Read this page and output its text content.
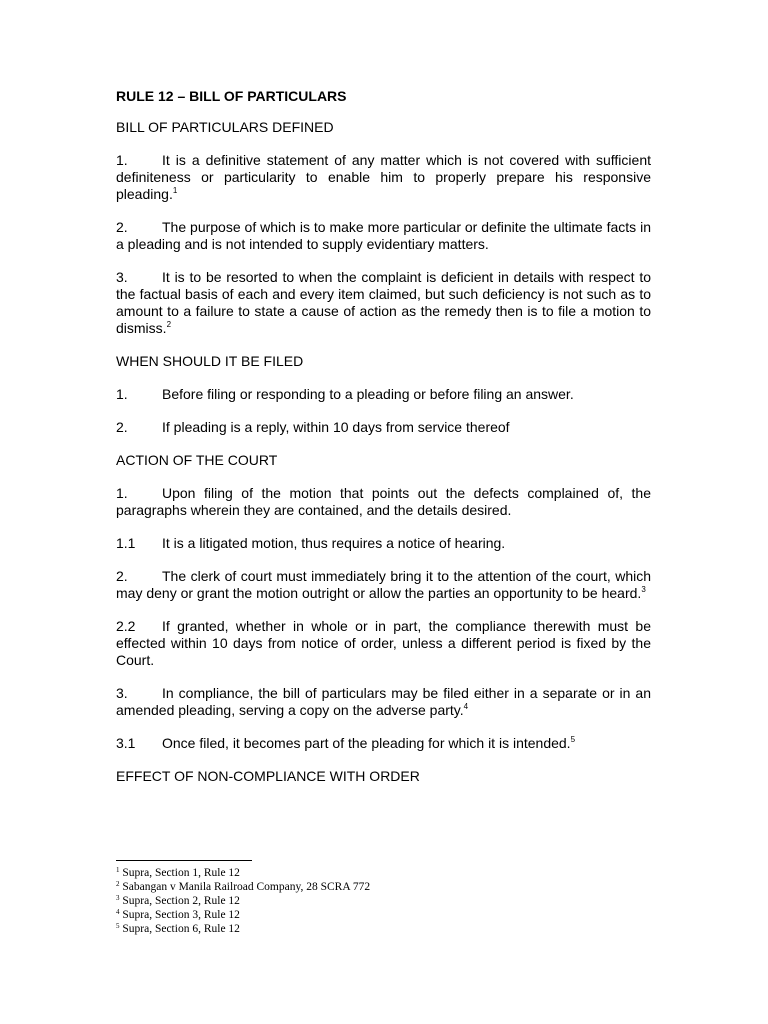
RULE 12 – BILL OF PARTICULARS
BILL OF PARTICULARS DEFINED

1. It is a definitive statement of any matter which is not covered with sufficient definiteness or particularity to enable him to properly prepare his responsive pleading.$^1$

2. The purpose of which is to make more particular or definite the ultimate facts in a pleading and is not intended to supply evidentiary matters.

3. It is to be resorted to when the complaint is deficient in details with respect to the factual basis of each and every item claimed, but such deficiency is not such as to amount to a failure to state a cause of action as the remedy then is to file a motion to dismiss.$^2$

WHEN SHOULD IT BE FILED

1. Before filing or responding to a pleading or before filing an answer.

2. If pleading is a reply, within 10 days from service thereof

ACTION OF THE COURT

1. Upon filing of the motion that points out the defects complained of, the paragraphs wherein they are contained, and the details desired.

1.1 It is a litigated motion, thus requires a notice of hearing.

2. The clerk of court must immediately bring it to the attention of the court, which may deny or grant the motion outright or allow the parties an opportunity to be heard.$^3$

2.2 If granted, whether in whole or in part, the compliance therewith must be effected within 10 days from notice of order, unless a different period is fixed by the Court.

3. In compliance, the bill of particulars may be filed either in a separate or in an amended pleading, serving a copy on the adverse party.$^4$

3.1 Once filed, it becomes part of the pleading for which it is intended.$^5$

EFFECT OF NON-COMPLIANCE WITH ORDER
$^1$ Supra, Section 1, Rule 12
$^2$ Sabangan v Manila Railroad Company, 28 SCRA 772
$^3$ Supra, Section 2, Rule 12
$^4$ Supra, Section 3, Rule 12
$^5$ Supra, Section 6, Rule 12
